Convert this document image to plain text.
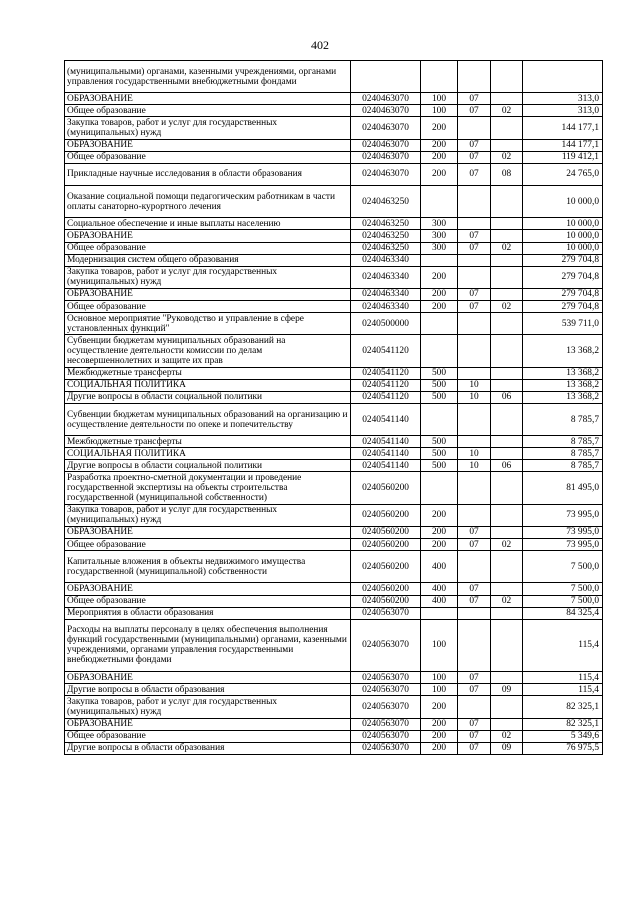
402
(муниципальными) органами, казенными учреждениями, органами управления государственными внебюджетными фондами					
ОБРАЗОВАНИЕ	0240463070	100	07		313,0
Общее образование	0240463070	100	07	02	313,0
Закупка товаров, работ и услуг для государственных (муниципальных) нужд	0240463070	200			144 177,1
ОБРАЗОВАНИЕ	0240463070	200	07		144 177,1
Общее образование	0240463070	200	07	02	119 412,1
Прикладные научные исследования в области образования	0240463070	200	07	08	24 765,0
Оказание социальной помощи педагогическим работникам в части оплаты санаторно-курортного лечения	0240463250				10 000,0
Социальное обеспечение и иные выплаты населению	0240463250	300			10 000,0
ОБРАЗОВАНИЕ	0240463250	300	07		10 000,0
Общее образование	0240463250	300	07	02	10 000,0
Модернизация систем общего образования	0240463340				279 704,8
Закупка товаров, работ и услуг для государственных (муниципальных) нужд	0240463340	200			279 704,8
ОБРАЗОВАНИЕ	0240463340	200	07		279 704,8
Общее образование	0240463340	200	07	02	279 704,8
Основное мероприятие "Руководство и управление в сфере установленных функций"	0240500000				539 711,0
Субвенции бюджетам муниципальных образований на осуществление деятельности комиссии по делам несовершеннолетних и защите их прав	0240541120				13 368,2
Межбюджетные трансферты	0240541120	500			13 368,2
СОЦИАЛЬНАЯ ПОЛИТИКА	0240541120	500	10		13 368,2
Другие вопросы в области социальной политики	0240541120	500	10	06	13 368,2
Субвенции бюджетам муниципальных образований на организацию и осуществление деятельности по опеке и попечительству	0240541140				8 785,7
Межбюджетные трансферты	0240541140	500			8 785,7
СОЦИАЛЬНАЯ ПОЛИТИКА	0240541140	500	10		8 785,7
Другие вопросы в области социальной политики	0240541140	500	10	06	8 785,7
Разработка проектно-сметной документации и проведение государственной экспертизы на объекты строительства государственной (муниципальной собственности)	0240560200				81 495,0
Закупка товаров, работ и услуг для государственных (муниципальных) нужд	0240560200	200			73 995,0
ОБРАЗОВАНИЕ	0240560200	200	07		73 995,0
Общее образование	0240560200	200	07	02	73 995,0
Капитальные вложения в объекты недвижимого имущества государственной (муниципальной) собственности	0240560200	400			7 500,0
ОБРАЗОВАНИЕ	0240560200	400	07		7 500,0
Общее образование	0240560200	400	07	02	7 500,0
Мероприятия в области образования	0240563070				84 325,4
Расходы на выплаты персоналу в целях обеспечения выполнения функций государственными (муниципальными) органами, казенными учреждениями, органами управления государственными внебюджетными фондами	0240563070	100			115,4
ОБРАЗОВАНИЕ	0240563070	100	07		115,4
Другие вопросы в области образования	0240563070	100	07	09	115,4
Закупка товаров, работ и услуг для государственных (муниципальных) нужд	0240563070	200			82 325,1
ОБРАЗОВАНИЕ	0240563070	200	07		82 325,1
Общее образование	0240563070	200	07	02	5 349,6
Другие вопросы в области образования	0240563070	200	07	09	76 975,5
